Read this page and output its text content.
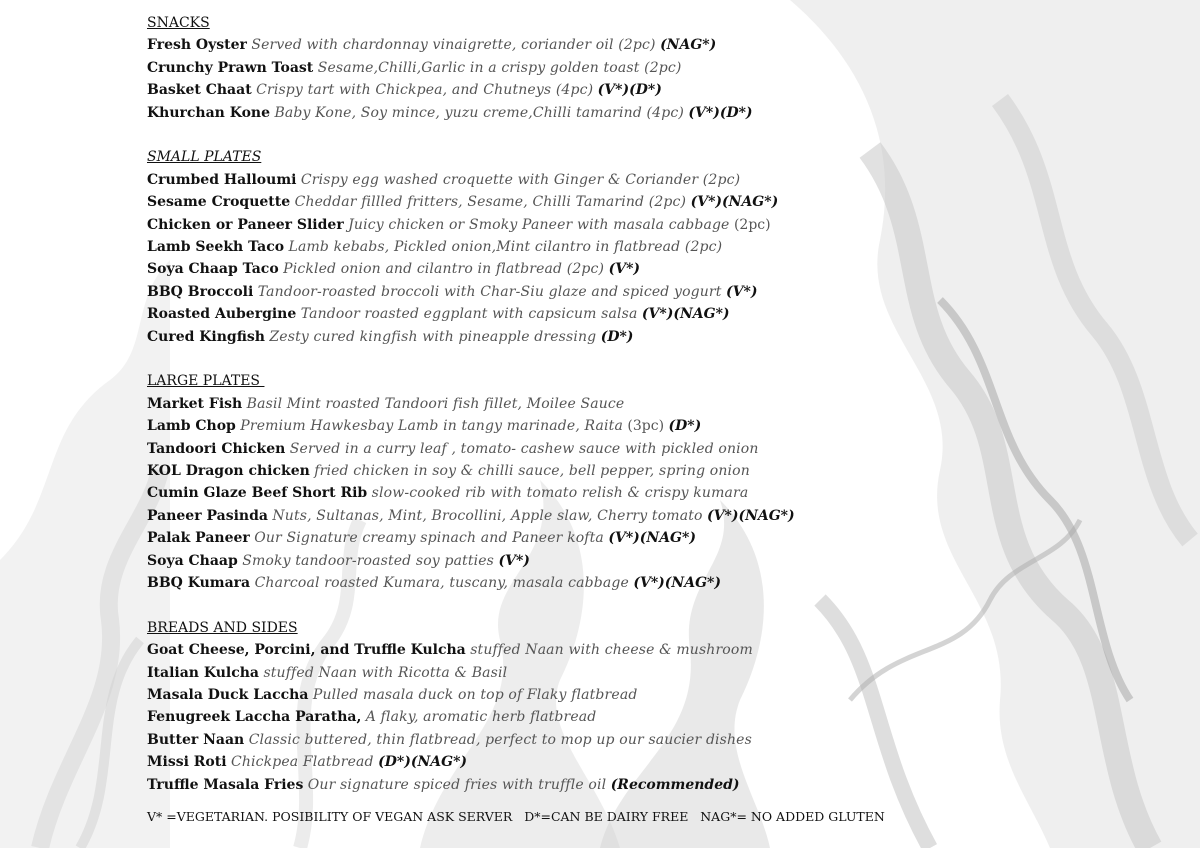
SNACKS
Fresh Oyster Served with chardonnay vinaigrette, coriander oil (2pc) (NAG*)
Crunchy Prawn Toast Sesame,Chilli,Garlic in a crispy golden toast (2pc)
Basket Chaat Crispy tart with Chickpea, and Chutneys (4pc) (V*)(D*)
Khurchan Kone Baby Kone, Soy mince, yuzu creme,Chilli tamarind (4pc) (V*)(D*)
SMALL PLATES
Crumbed Halloumi Crispy egg washed croquette with Ginger & Coriander (2pc)
Sesame Croquette Cheddar fillled fritters, Sesame, Chilli Tamarind (2pc) (V*)(NAG*)
Chicken or Paneer Slider Juicy chicken or Smoky Paneer with masala cabbage (2pc)
Lamb Seekh Taco Lamb kebabs, Pickled onion,Mint cilantro in flatbread (2pc)
Soya Chaap Taco Pickled onion and cilantro in flatbread (2pc) (V*)
BBQ Broccoli Tandoor-roasted broccoli with Char-Siu glaze and spiced yogurt (V*)
Roasted Aubergine Tandoor roasted eggplant with capsicum salsa (V*)(NAG*)
Cured Kingfish Zesty cured kingfish with pineapple dressing (D*)
LARGE PLATES
Market Fish Basil Mint roasted Tandoori fish fillet, Moilee Sauce
Lamb Chop Premium Hawkesbay Lamb in tangy marinade, Raita (3pc) (D*)
Tandoori Chicken Served in a curry leaf , tomato- cashew sauce with pickled onion
KOL Dragon chicken fried chicken in soy & chilli sauce, bell pepper, spring onion
Cumin Glaze Beef Short Rib slow-cooked rib with tomato relish & crispy kumara
Paneer Pasinda Nuts, Sultanas, Mint, Brocollini, Apple slaw, Cherry tomato (V*)(NAG*)
Palak Paneer Our Signature creamy spinach and Paneer kofta (V*)(NAG*)
Soya Chaap Smoky tandoor-roasted soy patties (V*)
BBQ Kumara Charcoal roasted Kumara, tuscany, masala cabbage (V*)(NAG*)
BREADS AND SIDES
Goat Cheese, Porcini, and Truffle Kulcha stuffed Naan with cheese & mushroom
Italian Kulcha stuffed Naan with Ricotta & Basil
Masala Duck Laccha Pulled masala duck on top of Flaky flatbread
Fenugreek Laccha Paratha, A flaky, aromatic herb flatbread
Butter Naan Classic buttered, thin flatbread, perfect to mop up our saucier dishes
Missi Roti Chickpea Flatbread (D*)(NAG*)
Truffle Masala Fries Our signature spiced fries with truffle oil (Recommended)
V* =VEGETARIAN. POSIBILITY OF VEGAN ASK SERVER   D*=CAN BE DAIRY FREE   NAG*= NO ADDED GLUTEN
